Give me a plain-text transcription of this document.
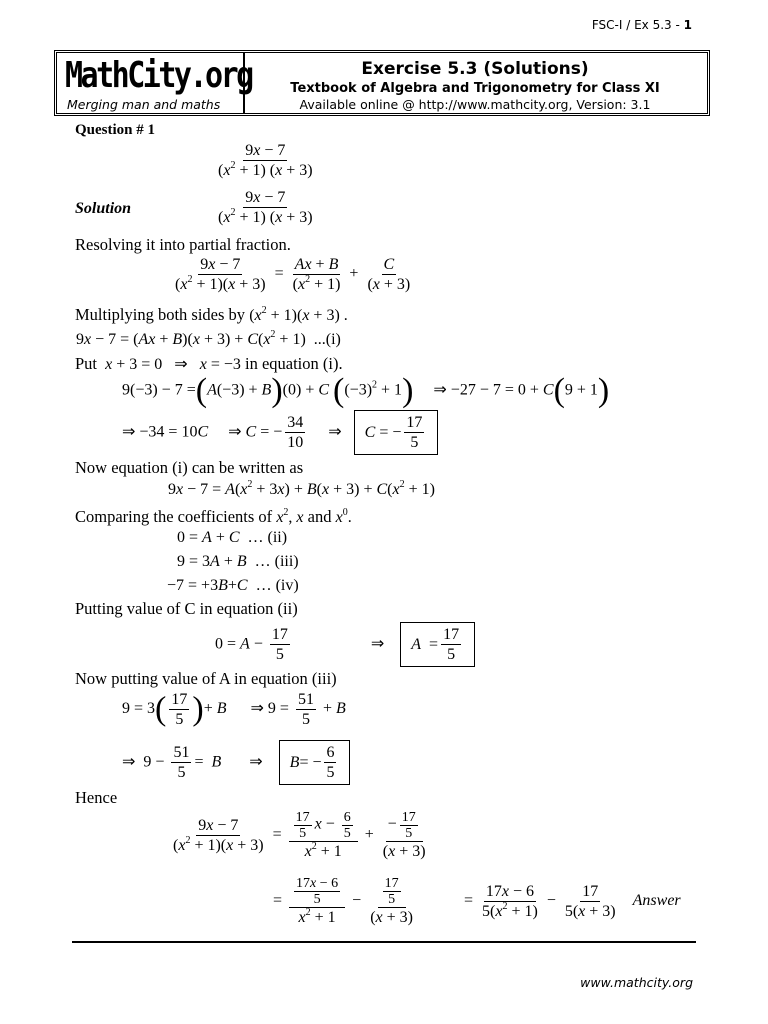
FSC-I / Ex 5.3 - 1
MathCity.org
Merging man and maths
Exercise 5.3 (Solutions)
Textbook of Algebra and Trigonometry for Class XI
Available online @ http://www.mathcity.org, Version: 3.1
Question # 1
$\frac{9x - 7}{(x^2 + 1) (x + 3)}$
Solution	$\frac{9x - 7}{(x^2 + 1) (x + 3)}$
Resolving it into partial fraction.
$\frac{9x - 7}{(x^2 + 1)(x + 3)} = \frac{Ax + B}{(x^2 + 1)} + \frac{C}{(x + 3)}$
Multiplying both sides by $(x^2 + 1)(x + 3)$ .
$9x - 7 = (Ax + B)(x + 3) + C(x^2 + 1)$  ...(i)
Put x + 3 = 0   ⇒   x = −3 in equation (i).
9(−3) − 7 =(A(−3) + B)(0) + C $((-3)^2 + 1)$     ⇒ −27 − 7 = 0 + C(9 + 1)
⇒ −34 = 10C     ⇒ C = − $\frac{34}{10}$ ⇒ C = − $\frac{17}{5}$
Now equation (i) can be written as
$9x - 7 = A(x^2 + 3x) + B(x + 3) + C(x^2 + 1)$
Comparing the coefficients of $x^2$, x and $x^0$.
0 = A + C  … (ii)
9 = 3A + B  … (iii)
−7 = +3B+C  … (iv)
Putting value of C in equation (ii)
$0 = A - \frac{17}{5}$	⇒ $A = \frac{17}{5}$
Now putting value of A in equation (iii)
$9 = 3( \frac{17}{5}$ )+ B      ⇒ $9 = \frac{51}{5} + B$
⇒  $9 - \frac{51}{5} = B$       ⇒ B = − $\frac{6}{5}$
Hence
$\frac{9x - 7}{(x^2 + 1)(x + 3)} = \frac{\frac{17}{5} x - \frac{6}{5}}{x^2 + 1} + \frac{- \frac{17}{5}}{(x + 3)}$
= $\frac{\frac{17x - 6}{5}}{x^2 + 1} - \frac{\frac{17}{5}}{(x + 3)}$	= $\frac{17x - 6}{5(x^2 + 1)} - \frac{17}{5(x + 3)}$ Answer
www.mathcity.org
